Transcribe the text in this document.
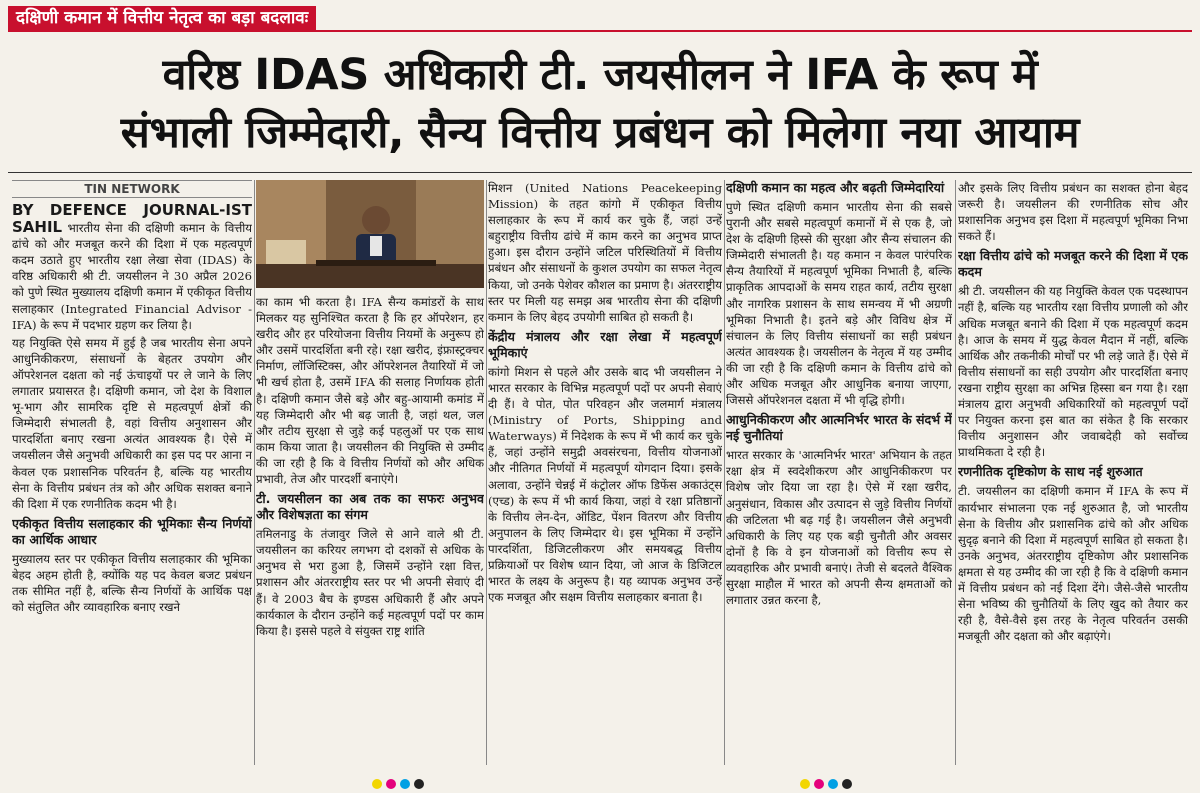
दक्षिणी कमान में वित्तीय नेतृत्व का बड़ा बदलावः
वरिष्ठ IDAS अधिकारी टी. जयसीलन ने IFA के रूप में
संभाली जिम्मेदारी, सैन्य वित्तीय प्रबंधन को मिलेगा नया आयाम
TIN NETWORK

BY DEFENCE JOURNAL-IST SAHIL भारतीय सेना की दक्षिणी कमान के वित्तीय ढांचे को और मजबूत करने की दिशा में एक महत्वपूर्ण कदम उठाते हुए भारतीय रक्षा लेखा सेवा (IDAS) के वरिष्ठ अधिकारी श्री टी. जयसीलन ने 30 अप्रैल 2026 को पुणे स्थित मुख्यालय दक्षिणी कमान में एकीकृत वित्तीय सलाहकार (Integrated Financial Advisor - IFA) के रूप में पदभार ग्रहण कर लिया है।

यह नियुक्ति ऐसे समय में हुई है जब भारतीय सेना अपने आधुनिकीकरण, संसाधनों के बेहतर उपयोग और ऑपरेशनल दक्षता को नई ऊंचाइयों पर ले जाने के लिए लगातार प्रयासरत है। दक्षिणी कमान, जो देश के विशाल भू-भाग और सामरिक दृष्टि से महत्वपूर्ण क्षेत्रों की जिम्मेदारी संभालती है, वहां वित्तीय अनुशासन और पारदर्शिता बनाए रखना अत्यंत आवश्यक है। ऐसे में जयसीलन जैसे अनुभवी अधिकारी का इस पद पर आना न केवल एक प्रशासनिक परिवर्तन है, बल्कि यह भारतीय सेना के वित्तीय प्रबंधन तंत्र को और अधिक सशक्त बनाने की दिशा में एक रणनीतिक कदम भी है।

एकीकृत वित्तीय सलाहकार की भूमिकाः सैन्य निर्णयों का आर्थिक आधार

मुख्यालय स्तर पर एकीकृत वित्तीय सलाहकार की भूमिका बेहद अहम होती है, क्योंकि यह पद केवल बजट प्रबंधन तक सीमित नहीं है, बल्कि सैन्य निर्णयों के आर्थिक पक्ष को संतुलित और व्यावहारिक बनाए रखने

का काम भी करता है। IFA सैन्य कमांडरों के साथ मिलकर यह सुनिश्चित करता है कि हर ऑपरेशन, हर खरीद और हर परियोजना वित्तीय नियमों के अनुरूप हो और उसमें पारदर्शिता बनी रहे। रक्षा खरीद, इंफ्रास्ट्रक्चर निर्माण, लॉजिस्टिक्स, और ऑपरेशनल तैयारियों में जो भी खर्च होता है, उसमें IFA की सलाह निर्णायक होती है। दक्षिणी कमान जैसे बड़े और बहु-आयामी कमांड में यह जिम्मेदारी और भी बढ़ जाती है, जहां थल, जल और तटीय सुरक्षा से जुड़े कई पहलुओं पर एक साथ काम किया जाता है। जयसीलन की नियुक्ति से उम्मीद की जा रही है कि वे वित्तीय निर्णयों को और अधिक प्रभावी, तेज और पारदर्शी बनाएंगे।

टी. जयसीलन का अब तक का सफरः अनुभव और विशेषज्ञता का संगम

तमिलनाडु के तंजावुर जिले से आने वाले श्री टी. जयसीलन का करियर लगभग दो दशकों से अधिक के अनुभव से भरा हुआ है, जिसमें उन्होंने रक्षा वित्त, प्रशासन और अंतरराष्ट्रीय स्तर पर भी अपनी सेवाएं दी हैं। वे 2003 बैच के इण्डस अधिकारी हैं और अपने कार्यकाल के दौरान उन्होंने कई महत्वपूर्ण पदों पर काम किया है। इससे पहले वे संयुक्त राष्ट्र शांति

मिशन (United Nations Peacekeeping Mission) के तहत कांगो में एकीकृत वित्तीय सलाहकार के रूप में कार्य कर चुके हैं, जहां उन्हें बहुराष्ट्रीय वित्तीय ढांचे में काम करने का अनुभव प्राप्त हुआ। इस दौरान उन्होंने जटिल परिस्थितियों में वित्तीय प्रबंधन और संसाधनों के कुशल उपयोग का सफल नेतृत्व किया, जो उनके पेशेवर कौशल का प्रमाण है। अंतरराष्ट्रीय स्तर पर मिली यह समझ अब भारतीय सेना की दक्षिणी कमान के लिए बेहद उपयोगी साबित हो सकती है।

केंद्रीय मंत्रालय और रक्षा लेखा में महत्वपूर्ण भूमिकाएं

कांगो मिशन से पहले और उसके बाद भी जयसीलन ने भारत सरकार के विभिन्न महत्वपूर्ण पदों पर अपनी सेवाएं दी हैं। वे पोत, पोत परिवहन और जलमार्ग मंत्रालय (Ministry of Ports, Shipping and Waterways) में निदेशक के रूप में भी कार्य कर चुके हैं, जहां उन्होंने समुद्री अवसंरचना, वित्तीय योजनाओं और नीतिगत निर्णयों में महत्वपूर्ण योगदान दिया। इसके अलावा, उन्होंने चेन्नई में कंट्रोलर ऑफ डिफेंस अकाउंट्स (एच्ड) के रूप में भी कार्य किया, जहां वे रक्षा प्रतिष्ठानों के वित्तीय लेन-देन, ऑडिट, पेंशन वितरण और वित्तीय अनुपालन के लिए जिम्मेदार थे। इस भूमिका में उन्होंने पारदर्शिता, डिजिटलीकरण और समयबद्ध वित्तीय प्रक्रियाओं पर विशेष ध्यान दिया, जो आज के डिजिटल भारत के लक्ष्य के अनुरूप है। यह व्यापक अनुभव उन्हें एक मजबूत और सक्षम वित्तीय सलाहकार बनाता है।

दक्षिणी कमान का महत्व और बढ़ती जिम्मेदारियां

पुणे स्थित दक्षिणी कमान भारतीय सेना की सबसे पुरानी और सबसे महत्वपूर्ण कमानों में से एक है, जो देश के दक्षिणी हिस्से की सुरक्षा और सैन्य संचालन की जिम्मेदारी संभालती है। यह कमान न केवल पारंपरिक सैन्य तैयारियों में महत्वपूर्ण भूमिका निभाती है, बल्कि प्राकृतिक आपदाओं के समय राहत कार्य, तटीय सुरक्षा और नागरिक प्रशासन के साथ समन्वय में भी अग्रणी भूमिका निभाती है। इतने बड़े और विविध क्षेत्र में संचालन के लिए वित्तीय संसाधनों का सही प्रबंधन अत्यंत आवश्यक है। जयसीलन के नेतृत्व में यह उम्मीद की जा रही है कि दक्षिणी कमान के वित्तीय ढांचे को और अधिक मजबूत और आधुनिक बनाया जाएगा, जिससे ऑपरेशनल दक्षता में भी वृद्धि होगी।

आधुनिकीकरण और आत्मनिर्भर भारत के संदर्भ में नई चुनौतियां

भारत सरकार के 'आत्मनिर्भर भारत' अभियान के तहत रक्षा क्षेत्र में स्वदेशीकरण और आधुनिकीकरण पर विशेष जोर दिया जा रहा है। ऐसे में रक्षा खरीद, अनुसंधान, विकास और उत्पादन से जुड़े वित्तीय निर्णयों की जटिलता भी बढ़ गई है। जयसीलन जैसे अनुभवी अधिकारी के लिए यह एक बड़ी चुनौती और अवसर दोनों है कि वे इन योजनाओं को वित्तीय रूप से व्यवहारिक और प्रभावी बनाएं। तेजी से बदलते वैश्विक सुरक्षा माहौल में भारत को अपनी सैन्य क्षमताओं को लगातार उन्नत करना है,

और इसके लिए वित्तीय प्रबंधन का सशक्त होना बेहद जरूरी है। जयसीलन की रणनीतिक सोच और प्रशासनिक अनुभव इस दिशा में महत्वपूर्ण भूमिका निभा सकते हैं।

रक्षा वित्तीय ढांचे को मजबूत करने की दिशा में एक कदम

श्री टी. जयसीलन की यह नियुक्ति केवल एक पदस्थापन नहीं है, बल्कि यह भारतीय रक्षा वित्तीय प्रणाली को और अधिक मजबूत बनाने की दिशा में एक महत्वपूर्ण कदम है। आज के समय में युद्ध केवल मैदान में नहीं, बल्कि आर्थिक और तकनीकी मोर्चों पर भी लड़े जाते हैं। ऐसे में वित्तीय संसाधनों का सही उपयोग और पारदर्शिता बनाए रखना राष्ट्रीय सुरक्षा का अभिन्न हिस्सा बन गया है। रक्षा मंत्रालय द्वारा अनुभवी अधिकारियों को महत्वपूर्ण पदों पर नियुक्त करना इस बात का संकेत है कि सरकार वित्तीय अनुशासन और जवाबदेही को सर्वोच्च प्राथमिकता दे रही है।

रणनीतिक दृष्टिकोण के साथ नई शुरुआत

टी. जयसीलन का दक्षिणी कमान में IFA के रूप में कार्यभार संभालना एक नई शुरुआत है, जो भारतीय सेना के वित्तीय और प्रशासनिक ढांचे को और अधिक सुदृढ़ बनाने की दिशा में महत्वपूर्ण साबित हो सकता है। उनके अनुभव, अंतरराष्ट्रीय दृष्टिकोण और प्रशासनिक क्षमता से यह उम्मीद की जा रही है कि वे दक्षिणी कमान में वित्तीय प्रबंधन को नई दिशा देंगे। जैसे-जैसे भारतीय सेना भविष्य की चुनौतियों के लिए खुद को तैयार कर रही है, वैसे-वैसे इस तरह के नेतृत्व परिवर्तन उसकी मजबूती और दक्षता को और बढ़ाएंगे।
